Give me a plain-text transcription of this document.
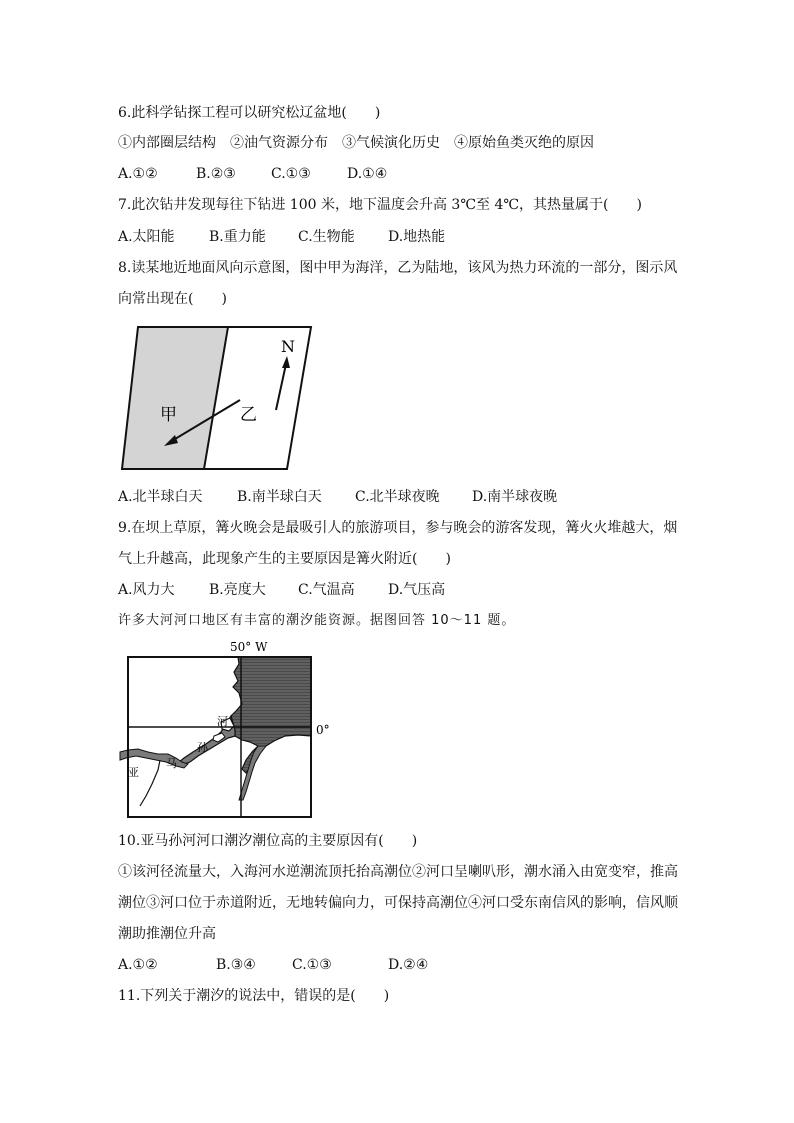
6.此科学钻探工程可以研究松辽盆地(　　)
①内部圈层结构　②油气资源分布　③气候演化历史　④原始鱼类灭绝的原因
A.①②	B.②③	C.①③	D.①④
7.此次钻井发现每往下钻进 100 米，地下温度会升高 3℃至 4℃，其热量属于(　　)
A.太阳能 B.重力能 C.生物能 D.地热能
8.读某地近地面风向示意图，图中甲为海洋，乙为陆地，该风为热力环流的一部分，图示风
向常出现在(　　)
甲	乙
N
A.北半球白天 B.南半球白天 C.北半球夜晚 D.南半球夜晚
9.在坝上草原，篝火晚会是最吸引人的旅游项目，参与晚会的游客发现，篝火火堆越大，烟
气上升越高，此现象产生的主要原因是篝火附近(　　)
A.风力大 B.亮度大 C.气温高 D.气压高
许多大河河口地区有丰富的潮汐能资源。据图回答 10～11 题。
50° W
0°
亚
马
孙
河
10.亚马孙河河口潮汐潮位高的主要原因有(　　)
①该河径流量大，入海河水逆潮流顶托抬高潮位②河口呈喇叭形，潮水涌入由宽变窄，推高
潮位③河口位于赤道附近，无地转偏向力，可保持高潮位④河口受东南信风的影响，信风顺
潮助推潮位升高
A.①②	B.③④	C.①③	D.②④
11.下列关于潮汐的说法中，错误的是(　　)
